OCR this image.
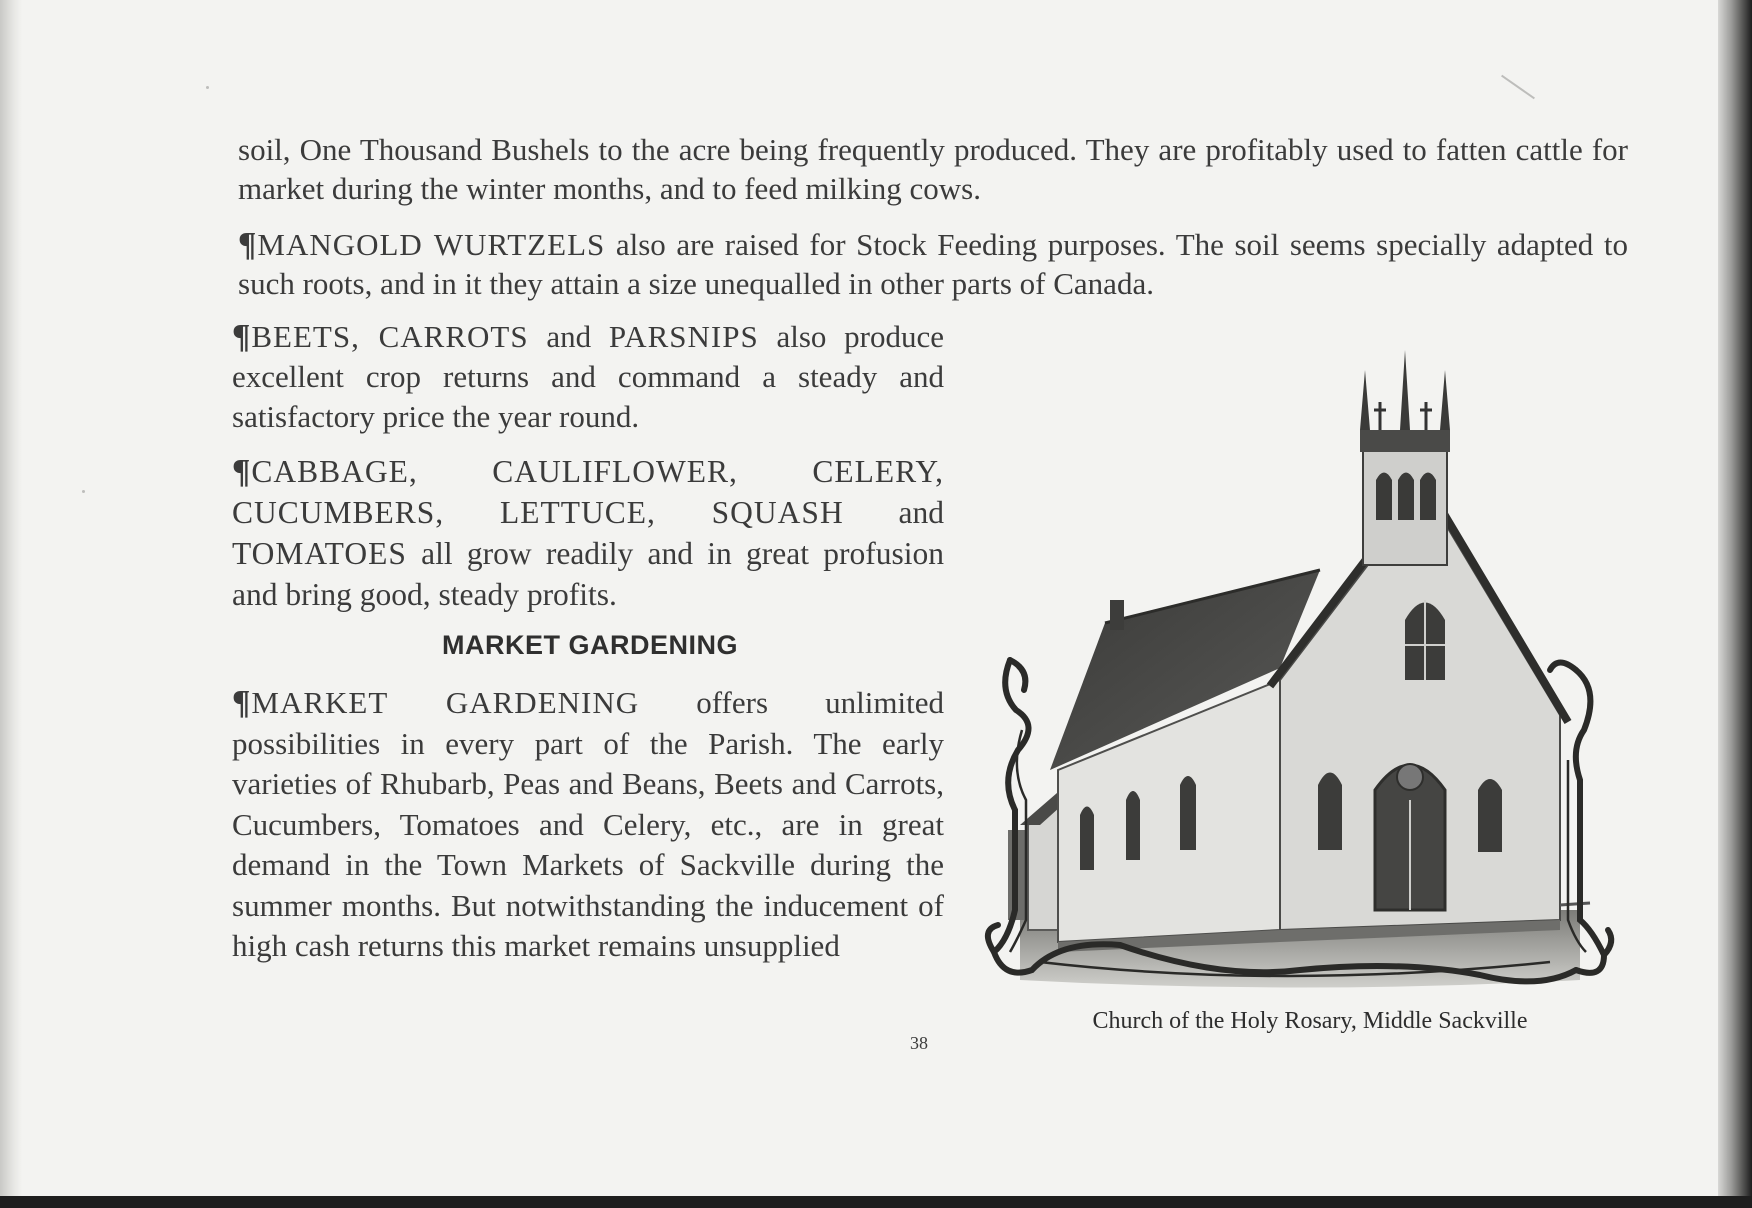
soil, One Thousand Bushels to the acre being frequently produced. They are profitably used to fatten cattle for market during the winter months, and to feed milking cows.

¶MANGOLD WURTZELS also are raised for Stock Feeding purposes. The soil seems specially adapted to such roots, and in it they attain a size unequalled in other parts of Canada.

¶BEETS, CARROTS and PARSNIPS also produce excellent crop returns and command a steady and satisfactory price the year round.

¶CABBAGE, CAULIFLOWER, CELERY, CUCUMBERS, LETTUCE, SQUASH and TOMATOES all grow readily and in great profusion and bring good, steady profits.

MARKET GARDENING

¶MARKET GARDENING offers unlimited possibilities in every part of the Parish. The early varieties of Rhubarb, Peas and Beans, Beets and Carrots, Cucumbers, Tomatoes and Celery, etc., are in great demand in the Town Markets of Sackville during the summer months. But notwithstanding the inducement of high cash returns this market remains unsupplied

Church of the Holy Rosary, Middle Sackville
38
